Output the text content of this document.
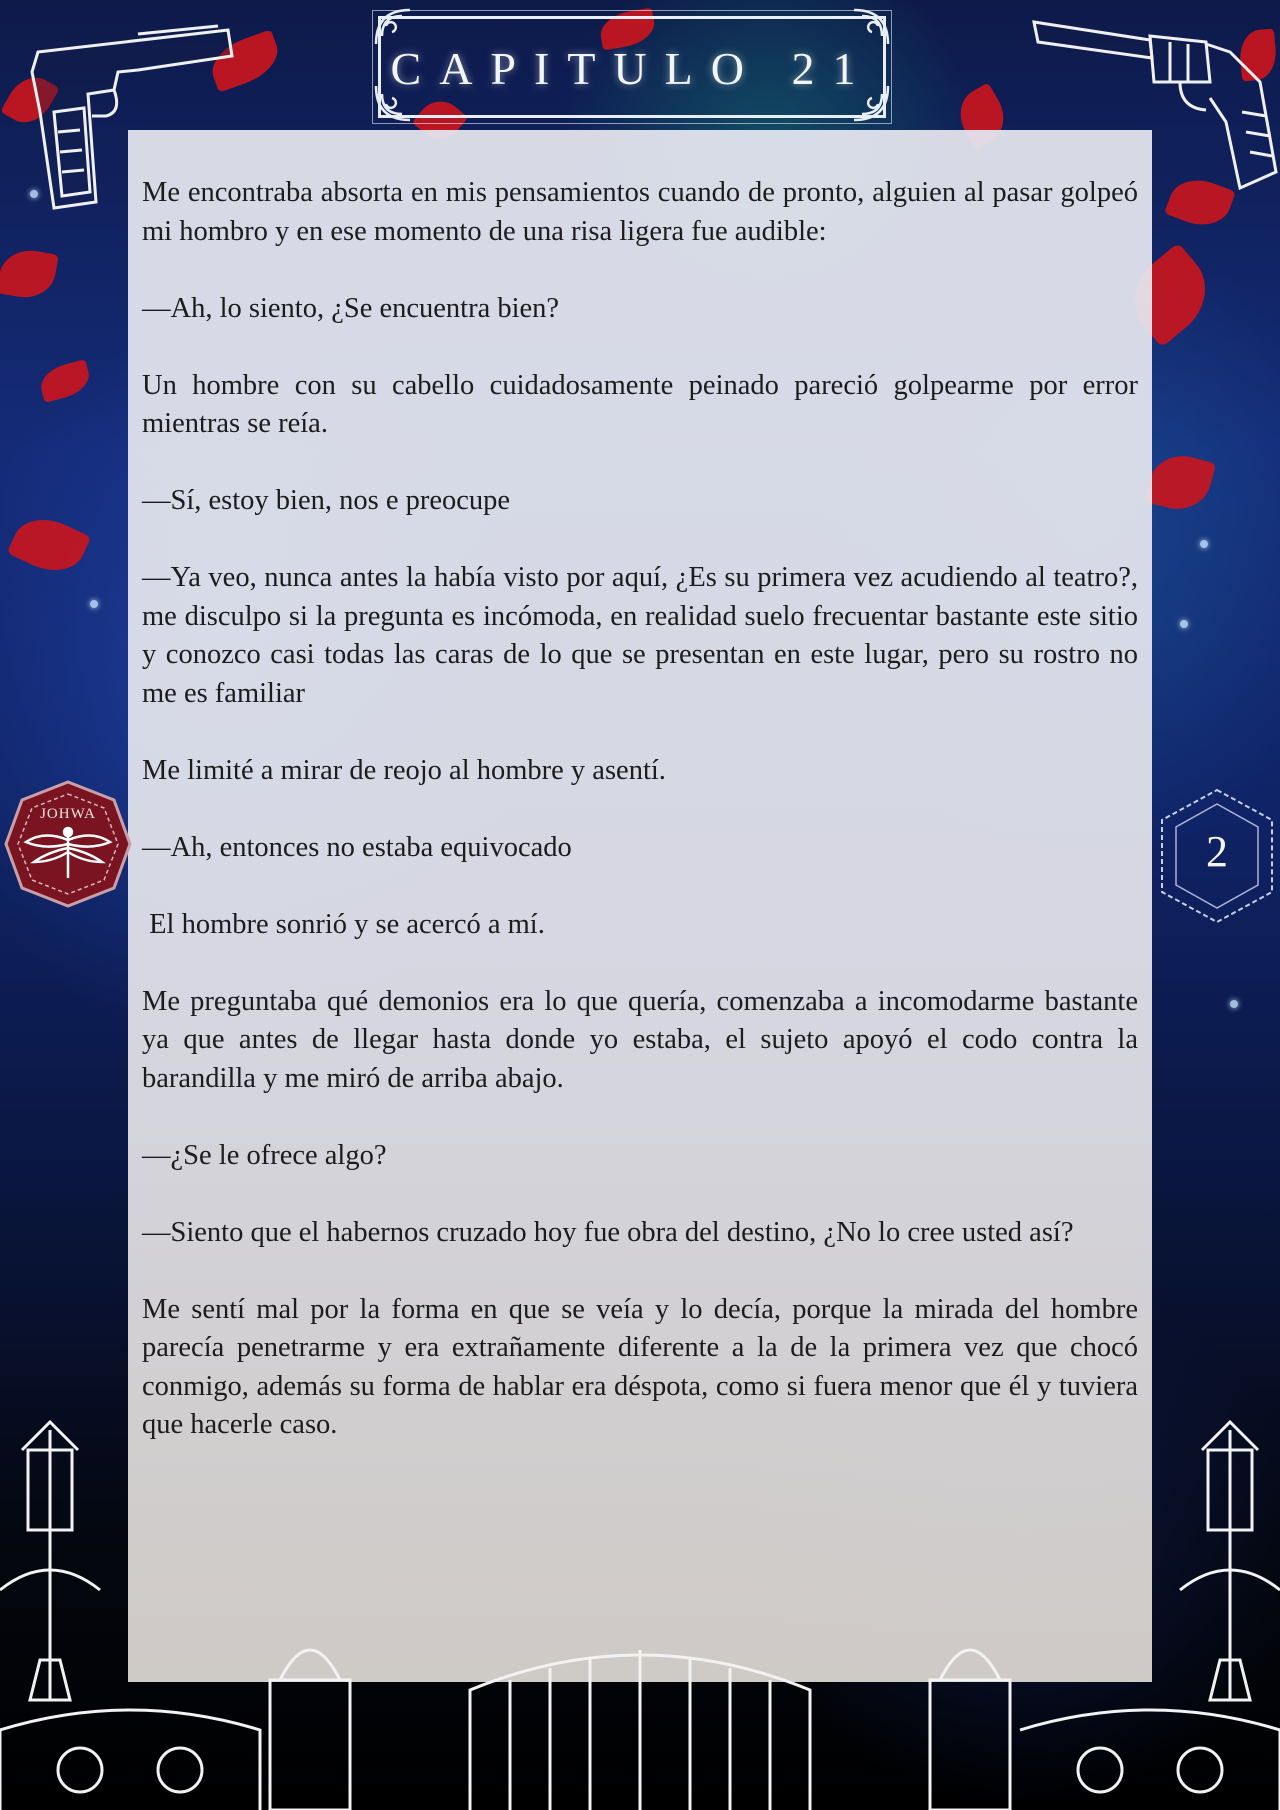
CAPITULO 21

Me encontraba absorta en mis pensamientos cuando de pronto, alguien al pasar golpeó mi hombro y en ese momento de una risa ligera fue audible:

—Ah, lo siento, ¿Se encuentra bien?

Un hombre con su cabello cuidadosamente peinado pareció golpearme por error mientras se reía.

—Sí, estoy bien, nos e preocupe

—Ya veo, nunca antes la había visto por aquí, ¿Es su primera vez acudiendo al teatro?, me disculpo si la pregunta es incómoda, en realidad suelo frecuentar bastante este sitio y conozco casi todas las caras de lo que se presentan en este lugar, pero su rostro no me es familiar

Me limité a mirar de reojo al hombre y asentí.

—Ah, entonces no estaba equivocado

El hombre sonrió y se acercó a mí.

Me preguntaba qué demonios era lo que quería, comenzaba a incomodarme bastante ya que antes de llegar hasta donde yo estaba, el sujeto apoyó el codo contra la barandilla y me miró de arriba abajo.

—¿Se le ofrece algo?

—Siento que el habernos cruzado hoy fue obra del destino, ¿No lo cree usted así?

Me sentí mal por la forma en que se veía y lo decía, porque la mirada del hombre parecía penetrarme y era extrañamente diferente a la de la primera vez que chocó conmigo, además su forma de hablar era déspota, como si fuera menor que él y tuviera que hacerle caso.

JOHWA
2
